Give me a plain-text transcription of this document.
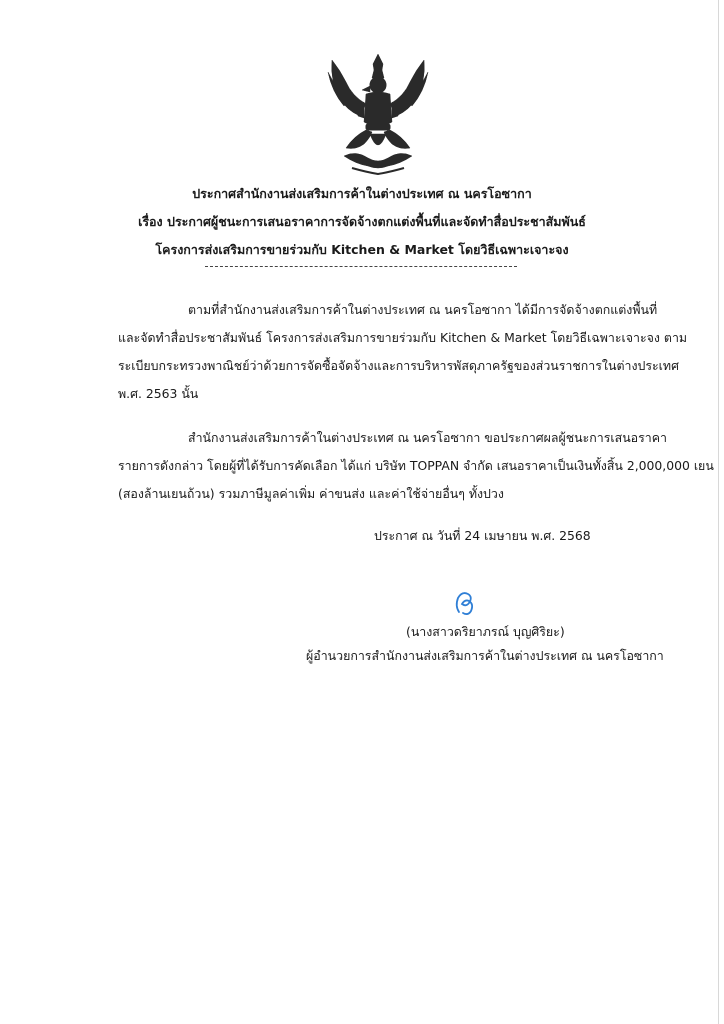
ประกาศสำนักงานส่งเสริมการค้าในต่างประเทศ ณ นครโอซากา
เรื่อง ประกาศผู้ชนะการเสนอราคาการจัดจ้างตกแต่งพื้นที่และจัดทำสื่อประชาสัมพันธ์
โครงการส่งเสริมการขายร่วมกับ Kitchen & Market โดยวิธีเฉพาะเจาะจง
ตามที่สำนักงานส่งเสริมการค้าในต่างประเทศ ณ นครโอซากา ได้มีการจัดจ้างตกแต่งพื้นที่
และจัดทำสื่อประชาสัมพันธ์ โครงการส่งเสริมการขายร่วมกับ Kitchen & Market โดยวิธีเฉพาะเจาะจง ตาม
ระเบียบกระทรวงพาณิชย์ว่าด้วยการจัดซื้อจัดจ้างและการบริหารพัสดุภาครัฐของส่วนราชการในต่างประเทศ
พ.ศ. 2563 นั้น
สำนักงานส่งเสริมการค้าในต่างประเทศ ณ นครโอซากา ขอประกาศผลผู้ชนะการเสนอราคา
รายการดังกล่าว โดยผู้ที่ได้รับการคัดเลือก ได้แก่ บริษัท TOPPAN จำกัด เสนอราคาเป็นเงินทั้งสิ้น 2,000,000 เยน
(สองล้านเยนถ้วน) รวมภาษีมูลค่าเพิ่ม ค่าขนส่ง และค่าใช้จ่ายอื่นๆ ทั้งปวง
ประกาศ ณ วันที่ 24 เมษายน พ.ศ. 2568
(นางสาวดริยาภรณ์ บุญศิริยะ)
ผู้อำนวยการสำนักงานส่งเสริมการค้าในต่างประเทศ ณ นครโอซากา
